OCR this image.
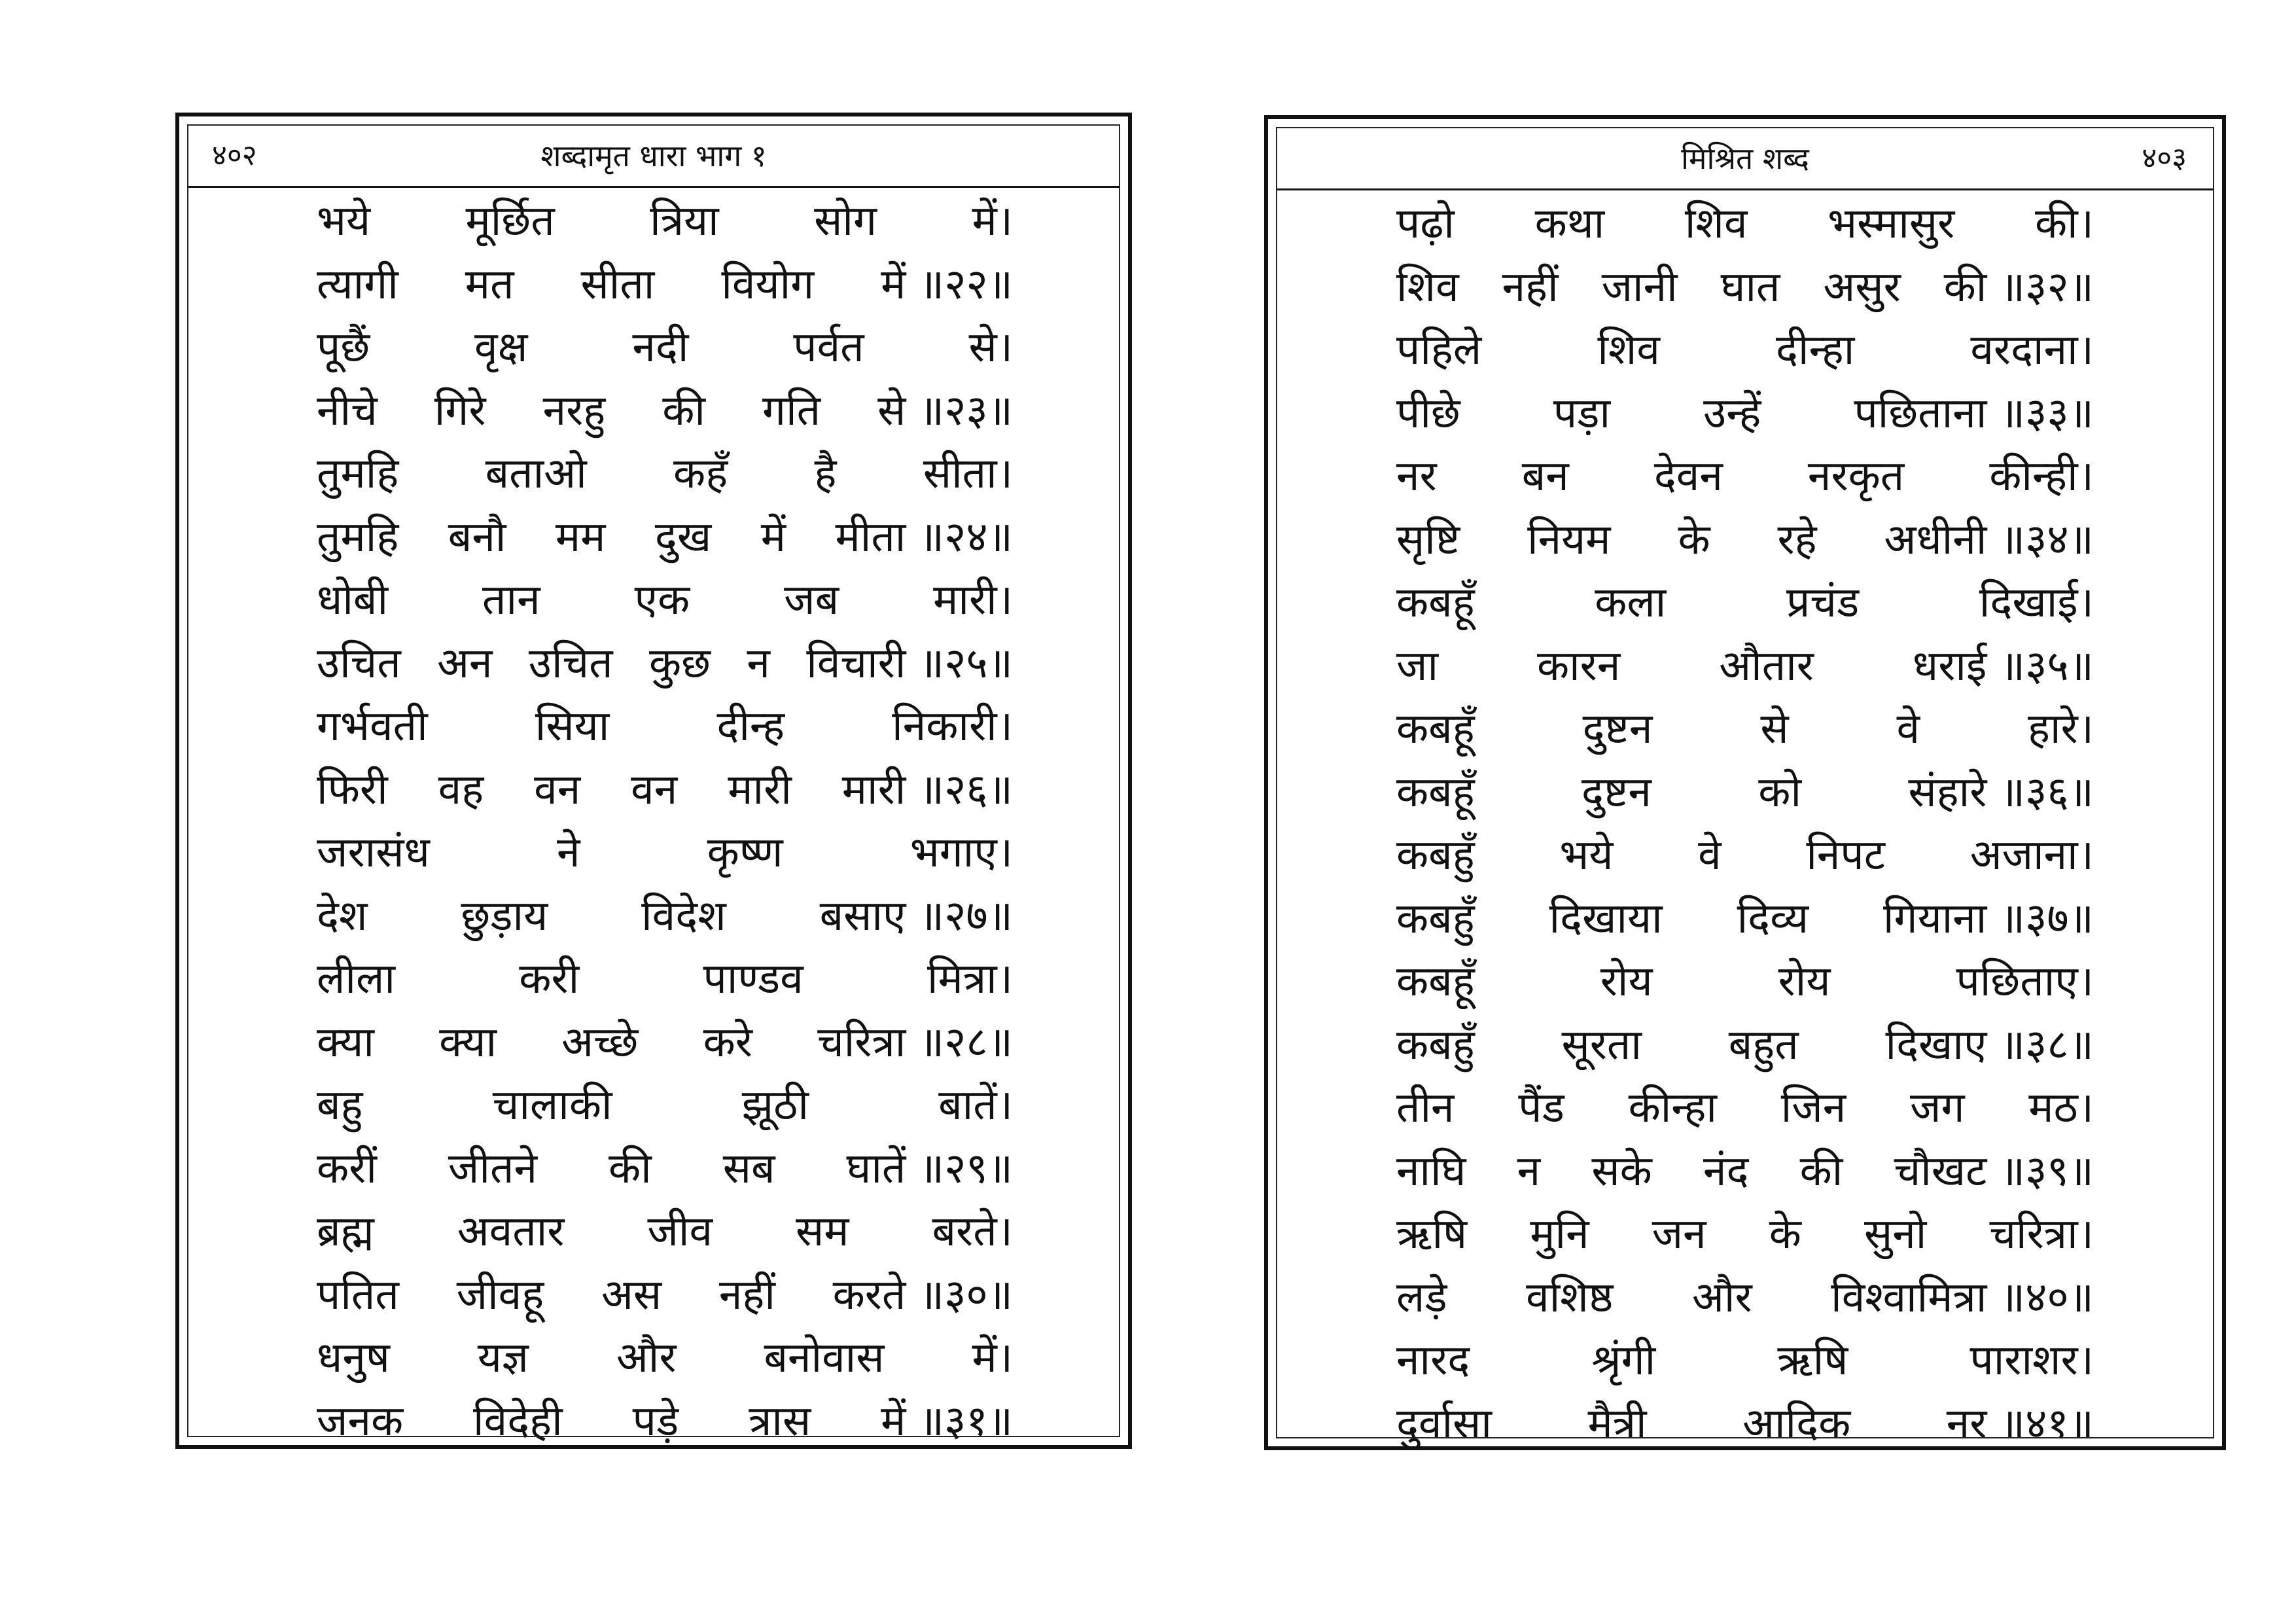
४०२	शब्दामृत धारा भाग १
भये मूर्छित त्रिया सोग में।
त्यागी मत सीता वियोग में ॥२२॥
पूछैं वृक्ष नदी पर्वत से।
नीचे गिरे नरहु की गति से ॥२३॥
तुमहि बताओ कहँ है सीता।
तुमहि बनौ मम दुख में मीता ॥२४॥
धोबी तान एक जब मारी।
उचित अन उचित कुछ न विचारी ॥२५॥
गर्भवती	सिया	दीन्ह	निकारी।
फिरी वह वन वन मारी मारी ॥२६॥
जरासंध	ने	कृष्ण	भगाए।
देश छुड़ाय विदेश बसाए ॥२७॥
लीला	करी	पाण्डव	मित्रा।
क्या क्या अच्छे करे चरित्रा ॥२८॥
बहु	चालाकी	झूठी	बातें।
करीं जीतने की सब घातें ॥२९॥
ब्रह्म अवतार जीव सम बरते।
पतित जीवहू अस नहीं करते ॥३०॥
धनुष यज्ञ और बनोवास में।
जनक विदेही पड़े त्रास में ॥३१॥
मिश्रित शब्द	४०३
पढ़ो कथा शिव भस्मासुर की।
शिव नहीं जानी घात असुर की ॥३२॥
पहिले	शिव	दीन्हा	वरदाना।
पीछे पड़ा उन्हें पछिताना ॥३३॥
नर बन देवन नरकृत कीन्ही।
सृष्टि नियम के रहे अधीनी ॥३४॥
कबहूँ	कला	प्रचंड	दिखाई।
जा कारन औतार धराई ॥३५॥
कबहूँ	दुष्टन	से	वे	हारे।
कबहूँ	दुष्टन	को	संहारे ॥३६॥
कबहुँ भये वे निपट अजाना।
कबहुँ दिखाया दिव्य गियाना ॥३७॥
कबहूँ	रोय	रोय	पछिताए।
कबहुँ सूरता बहुत दिखाए ॥३८॥
तीन पैंड कीन्हा जिन जग मठ।
नाघि न सके नंद की चौखट ॥३९॥
ऋषि मुनि जन के सुनो चरित्रा।
लड़े वशिष्ठ और विश्वामित्रा ॥४०॥
नारद	श्रृंगी	ऋषि	पाराशर।
दुर्वासा मैत्री आदिक नर ॥४१॥
